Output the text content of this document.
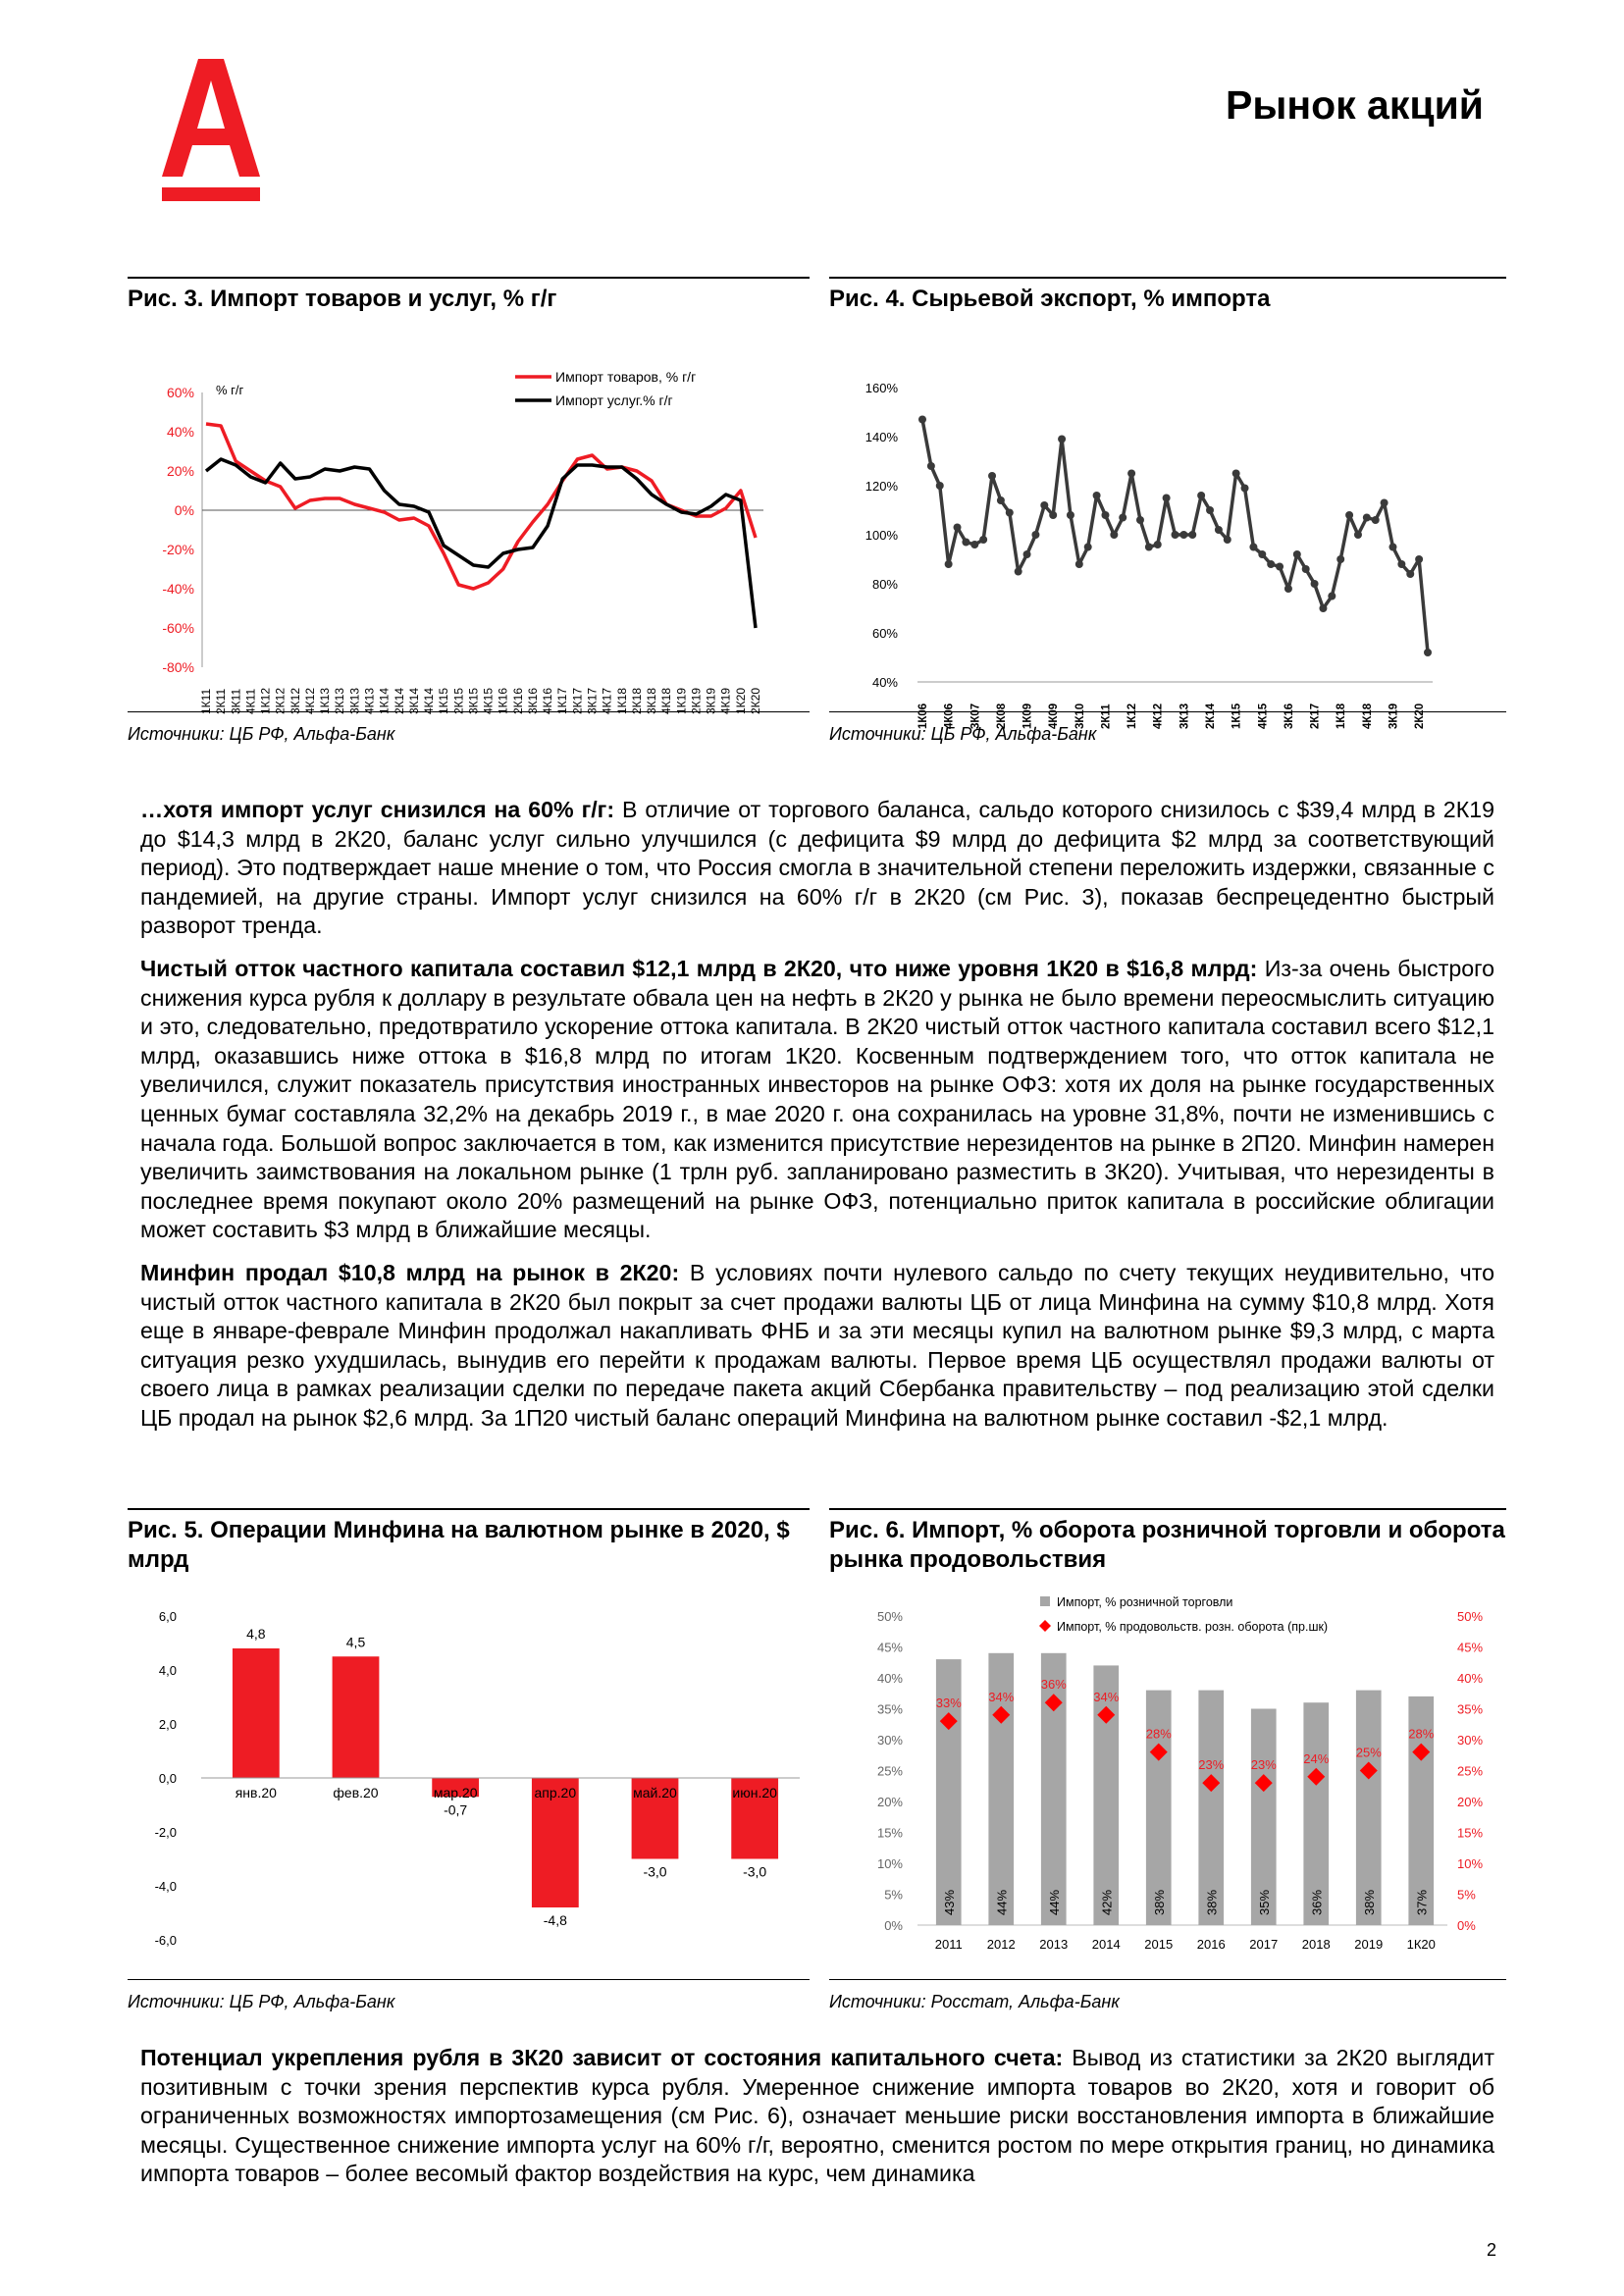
Рынок акций
Рис. 3. Импорт товаров и услуг, % г/г
60%
40%
20%
0%
-20%
-40%
-60%
-80%
% г/г
1К11 2К11 3К11 4К11 1К12 2К12 3К12 4К12 1К13 2К13 3К13 4К13 1К14 2К14 3К14 4К14 1К15 2К15 3К15 4К15 1К16 2К16 3К16 4К16 1К17 2К17 3К17 4К17 1К18 2К18 3К18 4К18 1К19 2К19 3К19 4К19 1К20 2К20
Импорт товаров, % г/г
Импорт услуг.% г/г
Источники: ЦБ РФ, Альфа-Банк
Рис. 4. Сырьевой экспорт, % импорта
160%
140%
120%
100%
80%
60%
40%
1К06 4К06 3К07 2К08 1К09 4К09 3К10 2К11 1К12 4К12 3К13 2К14 1К15 4К15 3К16 2К17 1К18 4К18 3К19 2К20
Источники: ЦБ РФ, Альфа-Банк

…хотя импорт услуг снизился на 60% г/г: В отличие от торгового баланса, сальдо которого снизилось с $39,4 млрд в 2К19 до $14,3 млрд в 2К20, баланс услуг сильно улучшился (с дефицита $9 млрд до дефицита $2 млрд за соответствующий период). Это подтверждает наше мнение о том, что Россия смогла в значительной степени переложить издержки, связанные с пандемией, на другие страны. Импорт услуг снизился на 60% г/г в 2К20 (см Рис. 3), показав беспрецедентно быстрый разворот тренда.

Чистый отток частного капитала составил $12,1 млрд в 2К20, что ниже уровня 1К20 в $16,8 млрд: Из-за очень быстрого снижения курса рубля к доллару в результате обвала цен на нефть в 2К20 у рынка не было времени переосмыслить ситуацию и это, следовательно, предотвратило ускорение оттока капитала. В 2К20 чистый отток частного капитала составил всего $12,1 млрд, оказавшись ниже оттока в $16,8 млрд по итогам 1К20. Косвенным подтверждением того, что отток капитала не увеличился, служит показатель присутствия иностранных инвесторов на рынке ОФЗ: хотя их доля на рынке государственных ценных бумаг составляла 32,2% на декабрь 2019 г., в мае 2020 г. она сохранилась на уровне 31,8%, почти не изменившись с начала года. Большой вопрос заключается в том, как изменится присутствие нерезидентов на рынке в 2П20. Минфин намерен увеличить заимствования на локальном рынке (1 трлн руб. запланировано разместить в 3К20). Учитывая, что нерезиденты в последнее время покупают около 20% размещений на рынке ОФЗ, потенциально приток капитала в российские облигации может составить $3 млрд в ближайшие месяцы.

Минфин продал $10,8 млрд на рынок в 2К20: В условиях почти нулевого сальдо по счету текущих неудивительно, что чистый отток частного капитала в 2К20 был покрыт за счет продажи валюты ЦБ от лица Минфина на сумму $10,8 млрд. Хотя еще в январе-феврале Минфин продолжал накапливать ФНБ и за эти месяцы купил на валютном рынке $9,3 млрд, с марта ситуация резко ухудшилась, вынудив его перейти к продажам валюты. Первое время ЦБ осуществлял продажи валюты от своего лица в рамках реализации сделки по передаче пакета акций Сбербанка правительству – под реализацию этой сделки ЦБ продал на рынок $2,6 млрд. За 1П20 чистый баланс операций Минфина на валютном рынке составил -$2,1 млрд.

Рис. 5. Операции Минфина на валютном рынке в 2020, $ млрд
6,0
4,0
2,0
0,0
-2,0
-4,0
-6,0
4,8
янв.20
4,5
фев.20
-0,7
мар.20
-4,8
апр.20
-3,0
май.20
-3,0
июн.20
Источники: ЦБ РФ, Альфа-Банк
Рис. 6. Импорт, % оборота розничной торговли и оборота рынка продовольствия
50%	50%
45%	45%
40%	40%
35%	35%
30%	30%
25%	25%
20%	20%
15%	15%
10%	10%
5%	5%
0%	0%
43%
33%
2011
44%
34%
2012
44%
36%
2013
42%
34%
2014
38%
28%
2015
38%
23%
2016
35%
23%
2017
36%
24%
2018
38%
25%
2019
37%
28%
1К20
Импорт, % розничной торговли
Импорт, % продовольств. розн. оборота (пр.шк)
Источники: Росстат, Альфа-Банк

Потенциал укрепления рубля в 3К20 зависит от состояния капитального счета: Вывод из статистики за 2К20 выглядит позитивным с точки зрения перспектив курса рубля. Умеренное снижение импорта товаров во 2К20, хотя и говорит об ограниченных возможностях импортозамещения (см Рис. 6), означает меньшие риски восстановления импорта в ближайшие месяцы. Существенное снижение импорта услуг на 60% г/г, вероятно, сменится ростом по мере открытия границ, но динамика импорта товаров – более весомый фактор воздействия на курс, чем динамика

2
